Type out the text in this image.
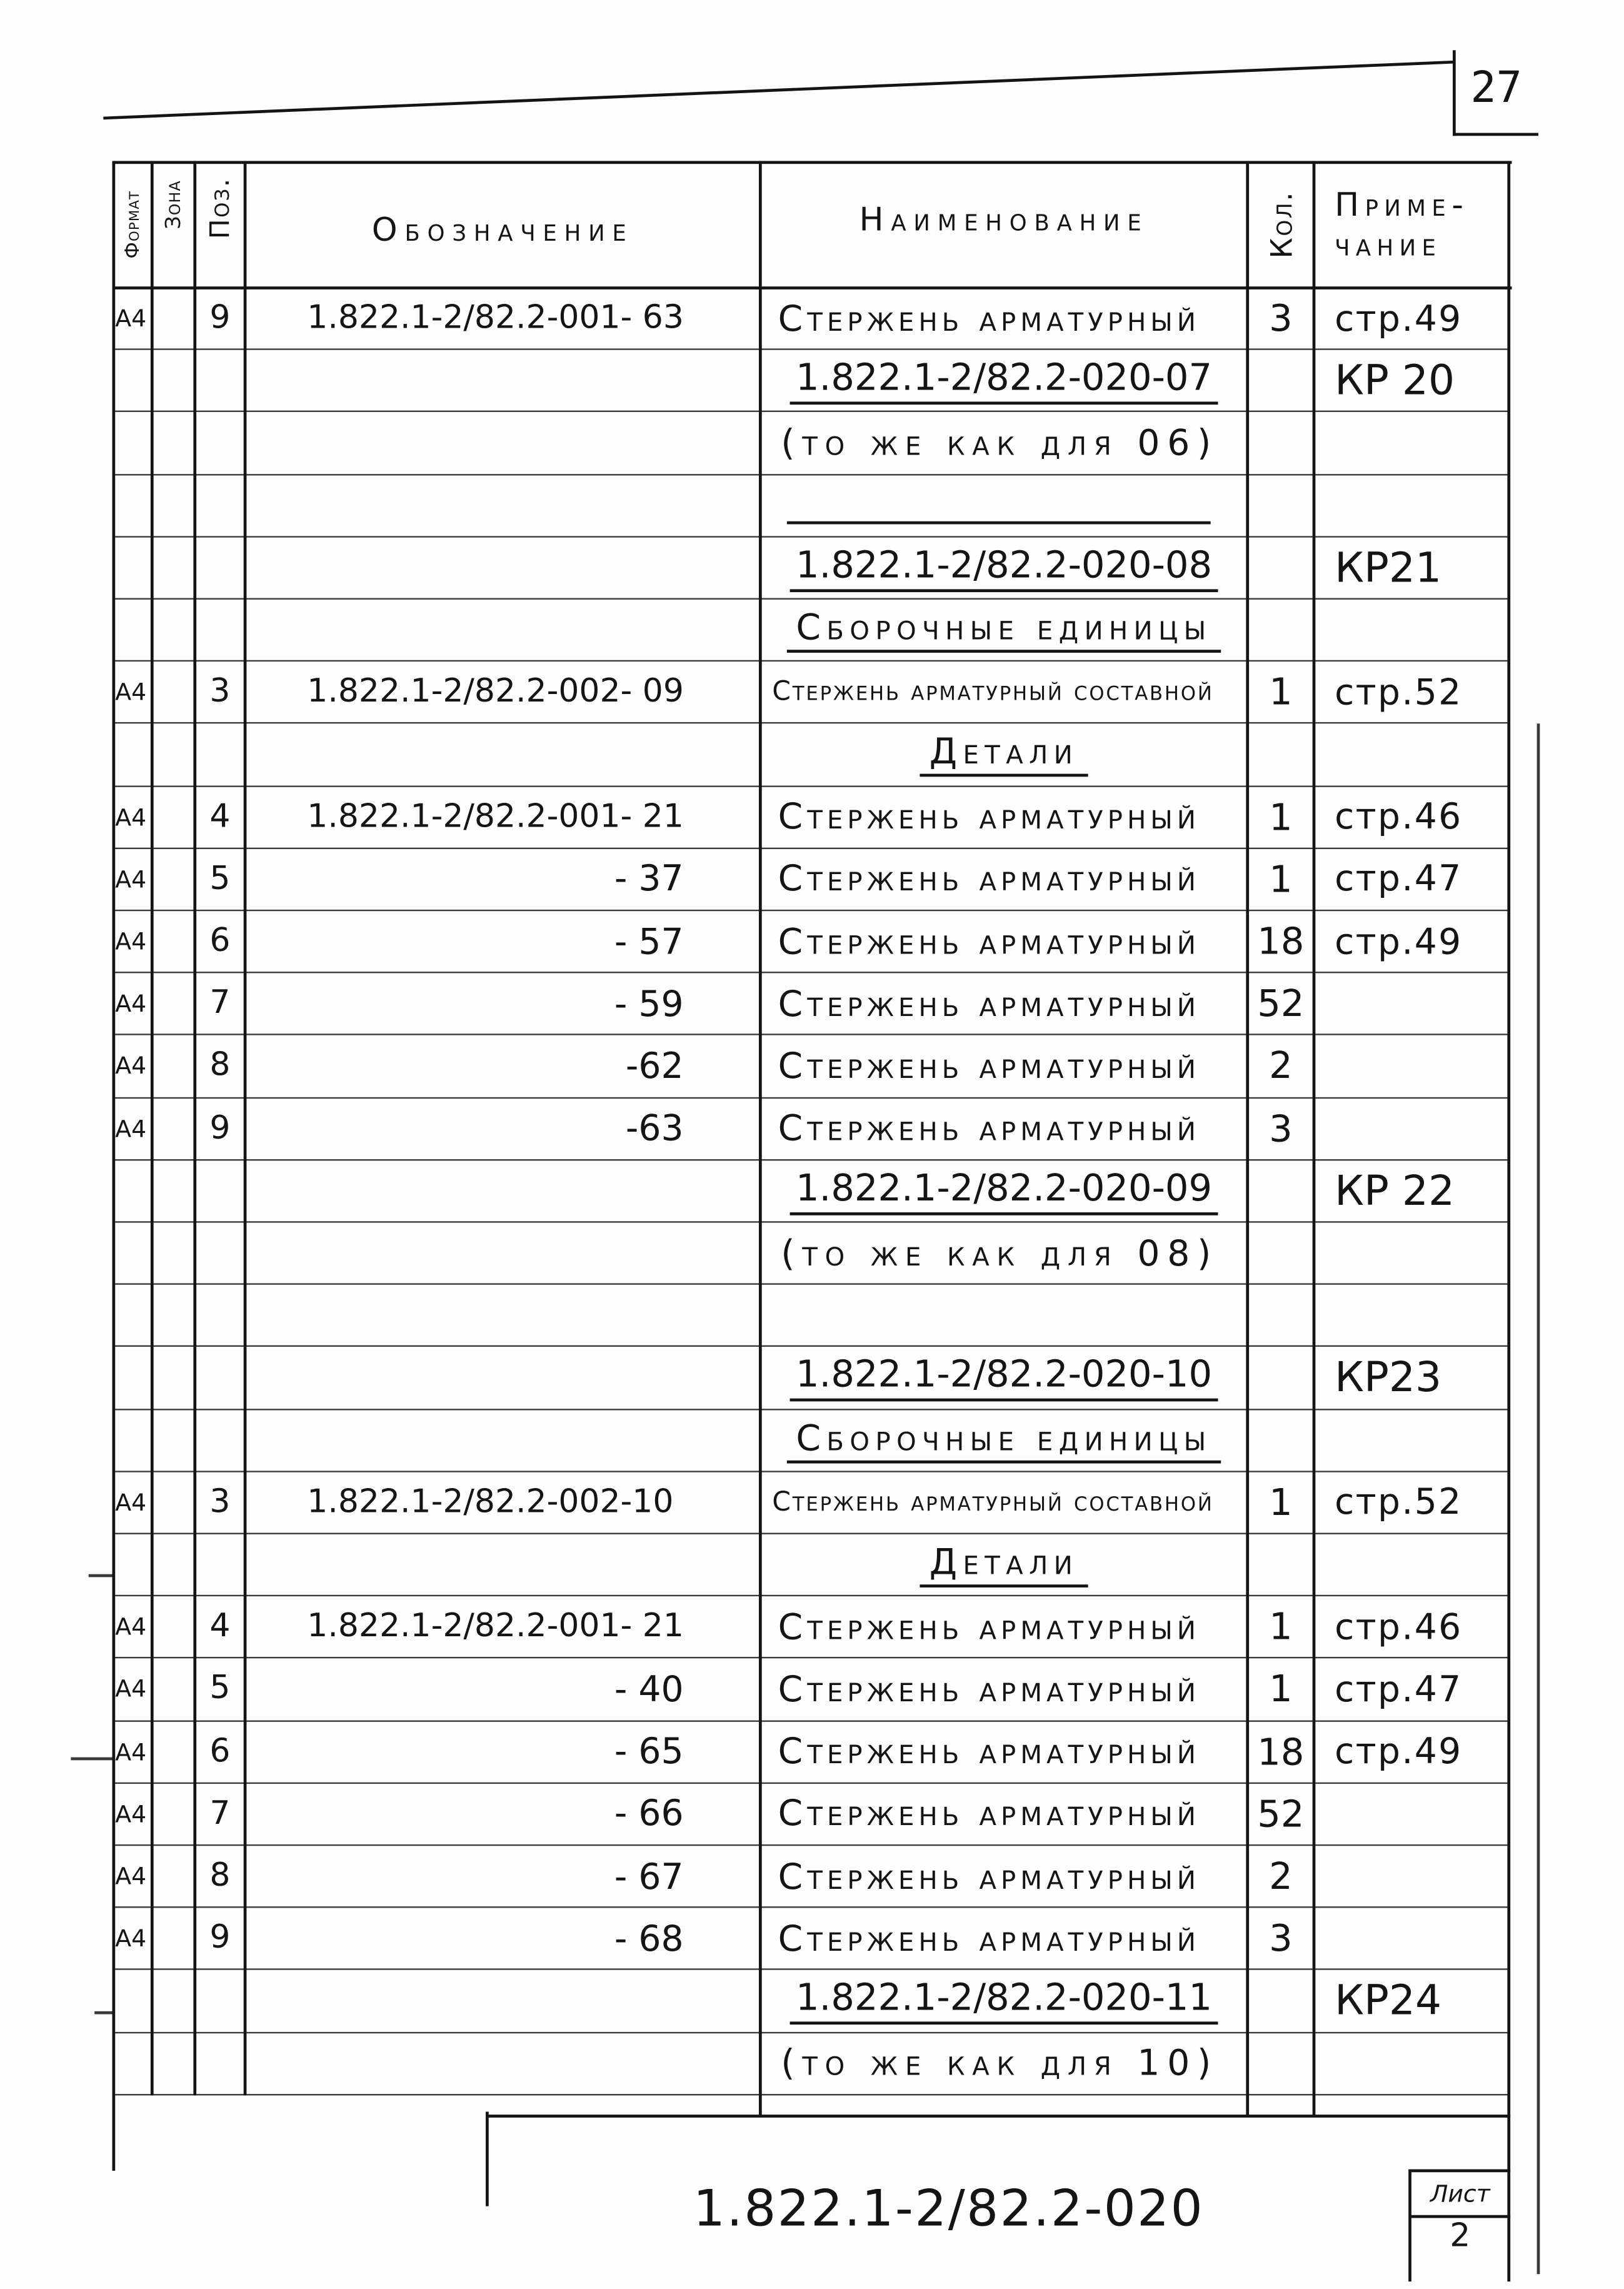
27
Формат Зона Поз.	Обозначение	Наименование	Кол.	Приме-
чание
А4	9	1.822.1-2/82.2-001- 63	Стержень арматурный	3	стр.49
1.822.1-2/82.2-020-07	КР 20
(то же как для 06)
1.822.1-2/82.2-020-08	КР21
Сборочные единицы
А4	3	1.822.1-2/82.2-002- 09	Стержень арматурный составной	1	стр.52
Детали
А4	4	1.822.1-2/82.2-001- 21	Стержень арматурный	1	стр.46
А4	5	- 37	Стержень арматурный	1	стр.47
А4	6	- 57	Стержень арматурный	18 стр.49
А4	7	- 59	Стержень арматурный	52
А4	8	-62	Стержень арматурный	2
А4	9	-63	Стержень арматурный	3
1.822.1-2/82.2-020-09	КР 22
(то же как для 08)
1.822.1-2/82.2-020-10	КР23
Сборочные единицы
А4	3	1.822.1-2/82.2-002-10	Стержень арматурный составной	1	стр.52
Детали
А4	4	1.822.1-2/82.2-001- 21	Стержень арматурный	1	стр.46
А4	5	- 40	Стержень арматурный	1	стр.47
А4	6	- 65	Стержень арматурный	18 стр.49
А4	7	- 66	Стержень арматурный	52
А4	8	- 67	Стержень арматурный	2
А4	9	- 68	Стержень арматурный	3
1.822.1-2/82.2-020-11	КР24
(то же как для 10)
1.822.1-2/82.2-020	Лист
2
